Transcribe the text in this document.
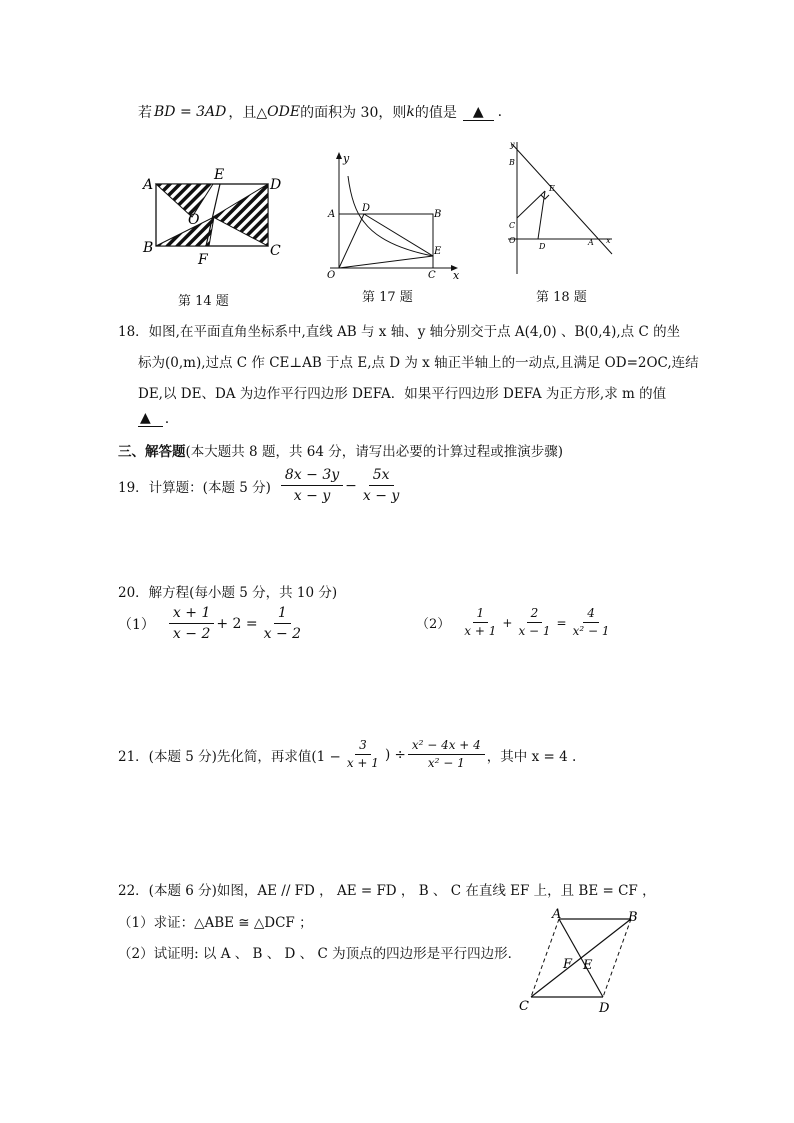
若 BD = 3AD ，且△ ODE 的面积为 30，则 k 的值是	▲	.
A
E
D
O
B
F
C
第 14 题
y
A
D
B
E
O	C x
第 17 题
y
B
E
C
O
D	A x
第 18 题
18．如图,在平面直角坐标系中,直线 AB 与 x 轴、y 轴分别交于点 A(4,0) 、B(0,4),点 C 的坐
标为(0,m),过点 C 作 CE⊥AB 于点 E,点 D 为 x 轴正半轴上的一动点,且满足 OD=2OC,连结
DE,以 DE、DA 为边作平行四边形 DEFA．如果平行四边形 DEFA 为正方形,求 m 的值
▲	.
三、解答题 (本大题共 8 题，共 64 分，请写出必要的计算过程或推演步骤)
19．计算题：(本题 5 分) $\frac{8x - 3y}{x - y} - \frac{5x}{x - y}$
20．解方程(每小题 5 分，共 10 分)
$(1) \frac{x + 1}{x - 2} + 2 = \frac{1}{x - 2}$	$(2) \frac{1}{x + 1} + \frac{2}{x - 1} = \frac{4}{\text{x² − 1}}$
21．(本题 5 分)先化简，再求值($1 - \frac{3}{x + 1}$ ) ÷ $\frac{\text{x² − 4x + 4}}{\text{x² − 1}}$ ，其中 x = 4 .
22．(本题 6 分)如图，AE // FD ， AE = FD ， B 、 C 在直线 EF 上，且 BE = CF ，
（1）求证：△ABE ≅ △DCF ；
（2）试证明: 以 A 、 B 、 D 、 C 为顶点的四边形是平行四边形．
A	B
F E
C	D
